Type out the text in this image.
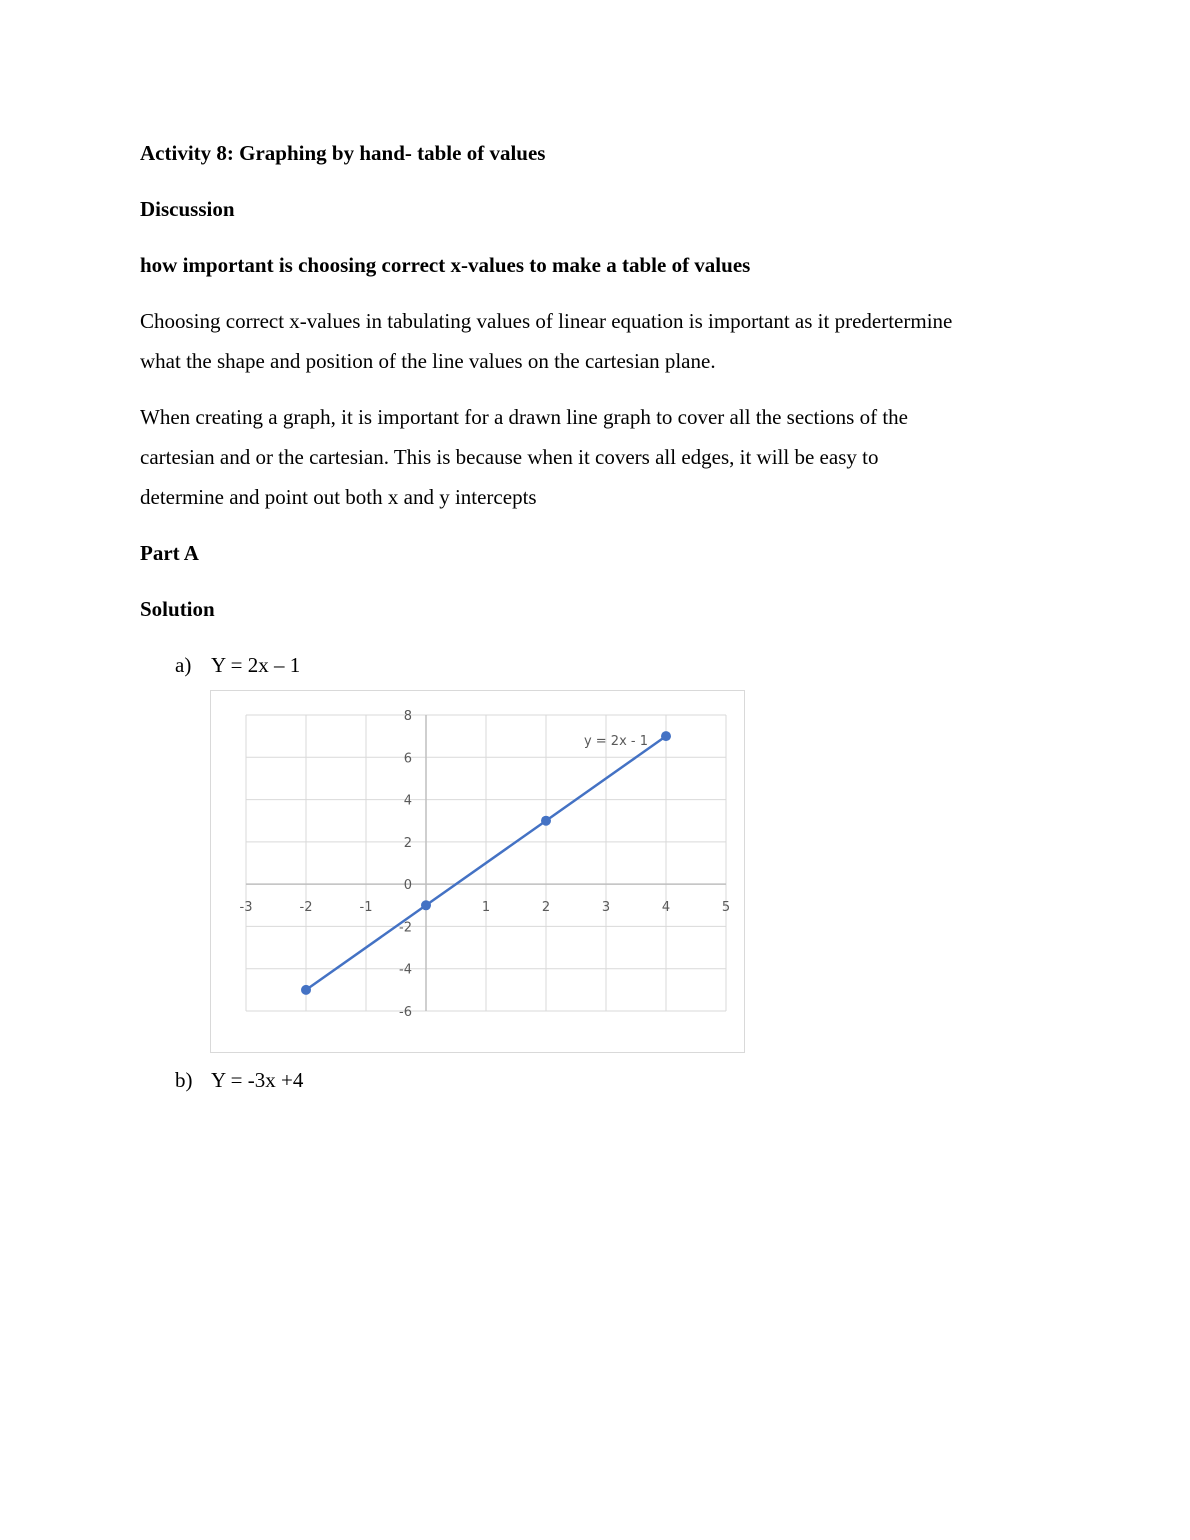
Activity 8: Graphing by hand- table of values
Discussion
how important is choosing correct x-values to make a table of values
Choosing correct x-values in tabulating values of linear equation is important as it predertermine
what the shape and position of the line values on the cartesian plane.
When creating a graph, it is important for a drawn line graph to cover all the sections of the
cartesian and or the cartesian. This is because when it covers all edges, it will be easy to
determine and point out both x and y intercepts
Part A
Solution
a) Y = 2x – 1
-3	-2	-1	1	2	3	4	5
8
6
4
2
0
-2
-4
-6
y = 2x - 1
b) Y = -3x +4
